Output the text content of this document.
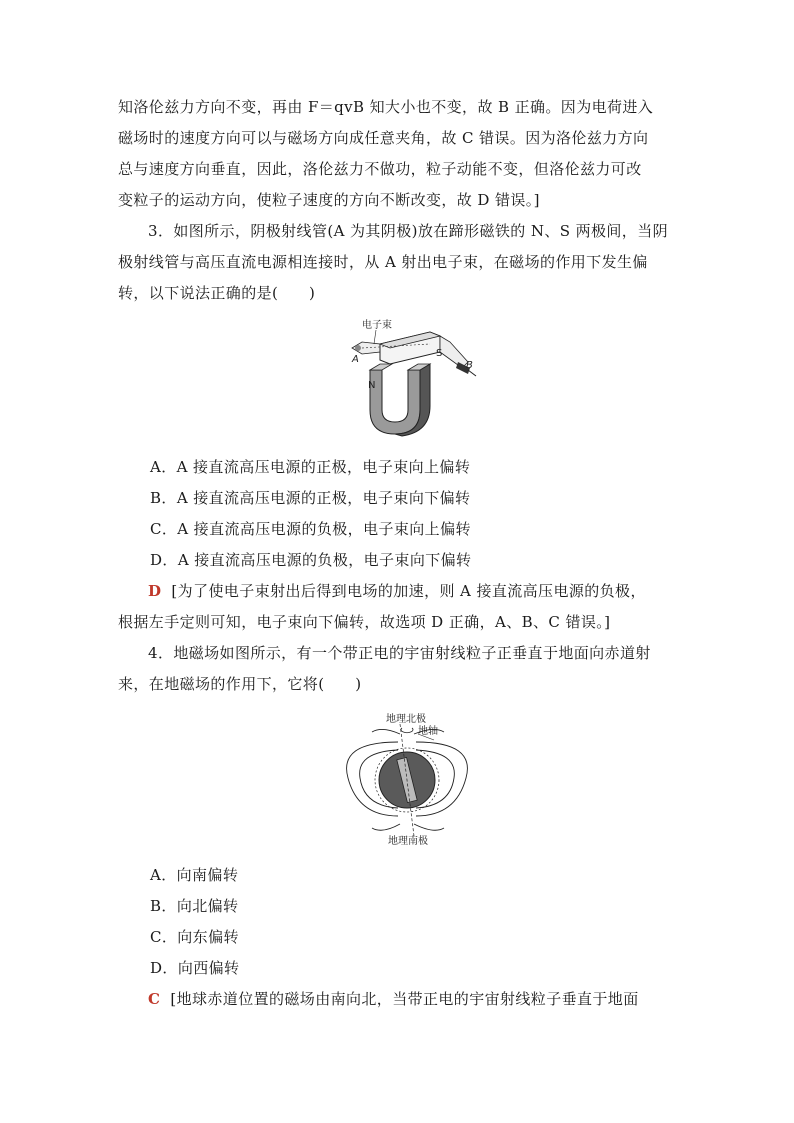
知洛伦兹力方向不变，再由 F＝qvB 知大小也不变，故 B 正确。因为电荷进入
磁场时的速度方向可以与磁场方向成任意夹角，故 C 错误。因为洛伦兹力方向
总与速度方向垂直，因此，洛伦兹力不做功，粒子动能不变，但洛伦兹力可改
变粒子的运动方向，使粒子速度的方向不断改变，故 D 错误。]
3．如图所示，阴极射线管(A 为其阴极)放在蹄形磁铁的 N、S 两极间，当阴
极射线管与高压直流电源相连接时，从 A 射出电子束，在磁场的作用下发生偏
转，以下说法正确的是(　　)
电子束
A
B
S
N
A．A 接直流高压电源的正极，电子束向上偏转
B．A 接直流高压电源的正极，电子束向下偏转
C．A 接直流高压电源的负极，电子束向上偏转
D．A 接直流高压电源的负极，电子束向下偏转
D [为了使电子束射出后得到电场的加速，则 A 接直流高压电源的负极，
根据左手定则可知，电子束向下偏转，故选项 D 正确，A、B、C 错误。]
4．地磁场如图所示，有一个带正电的宇宙射线粒子正垂直于地面向赤道射
来，在地磁场的作用下，它将(　　)
地理北极
地轴
地理南极
A．向南偏转
B．向北偏转
C．向东偏转
D．向西偏转
C [地球赤道位置的磁场由南向北，当带正电的宇宙射线粒子垂直于地面
